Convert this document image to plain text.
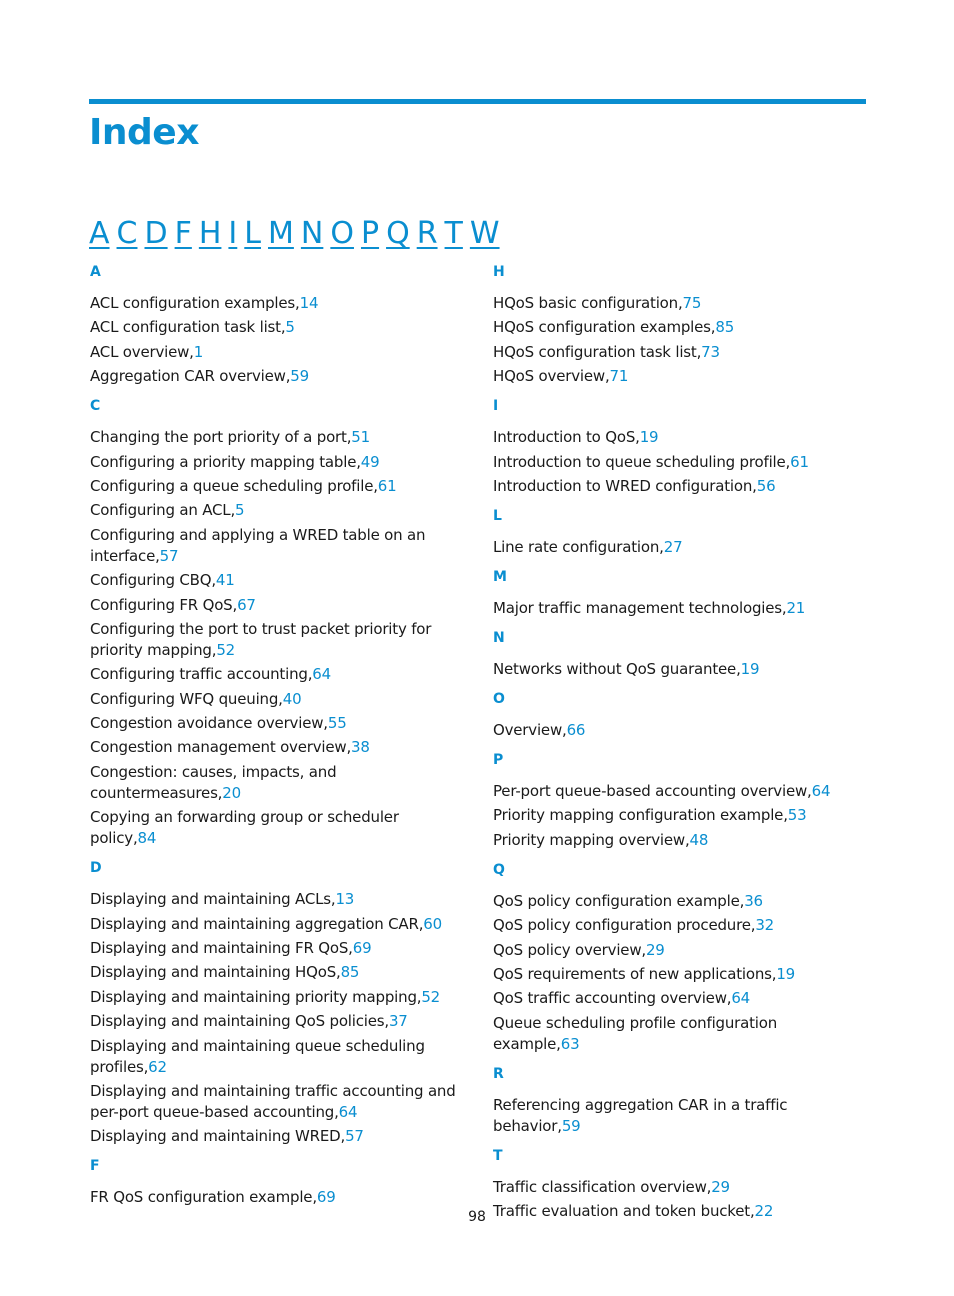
Index
A C D F H I L M N O P Q R T W
A
ACL configuration examples,14
ACL configuration task list,5
ACL overview,1
Aggregation CAR overview,59
C
Changing the port priority of a port,51
Configuring a priority mapping table,49
Configuring a queue scheduling profile,61
Configuring an ACL,5
Configuring and applying a WRED table on an interface,57
Configuring CBQ,41
Configuring FR QoS,67
Configuring the port to trust packet priority for priority mapping,52
Configuring traffic accounting,64
Configuring WFQ queuing,40
Congestion avoidance overview,55
Congestion management overview,38
Congestion: causes, impacts, and countermeasures,20
Copying an forwarding group or scheduler policy,84
D
Displaying and maintaining ACLs,13
Displaying and maintaining aggregation CAR,60
Displaying and maintaining FR QoS,69
Displaying and maintaining HQoS,85
Displaying and maintaining priority mapping,52
Displaying and maintaining QoS policies,37
Displaying and maintaining queue scheduling profiles,62
Displaying and maintaining traffic accounting and per-port queue-based accounting,64
Displaying and maintaining WRED,57
F
FR QoS configuration example,69
H
HQoS basic configuration,75
HQoS configuration examples,85
HQoS configuration task list,73
HQoS overview,71
I
Introduction to QoS,19
Introduction to queue scheduling profile,61
Introduction to WRED configuration,56
L
Line rate configuration,27
M
Major traffic management technologies,21
N
Networks without QoS guarantee,19
O
Overview,66
P
Per-port queue-based accounting overview,64
Priority mapping configuration example,53
Priority mapping overview,48
Q
QoS policy configuration example,36
QoS policy configuration procedure,32
QoS policy overview,29
QoS requirements of new applications,19
QoS traffic accounting overview,64
Queue scheduling profile configuration example,63
R
Referencing aggregation CAR in a traffic behavior,59
T
Traffic classification overview,29
Traffic evaluation and token bucket,22
98
